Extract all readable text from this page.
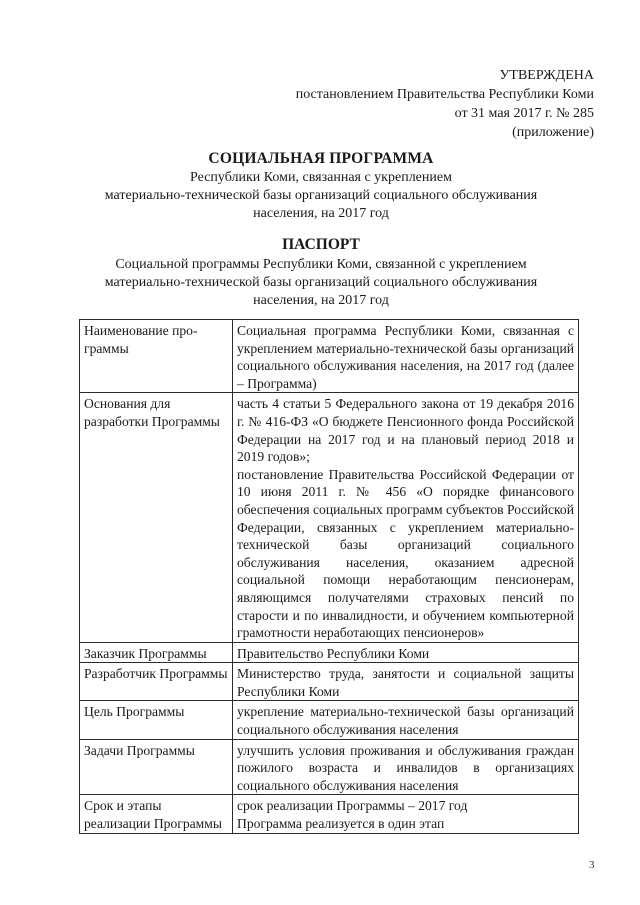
УТВЕРЖДЕНА
постановлением Правительства Республики Коми
от 31 мая 2017 г. № 285
(приложение)
СОЦИАЛЬНАЯ ПРОГРАММА
Республики Коми, связанная с укреплением
материально-технической базы организаций социального обслуживания
населения, на 2017 год
ПАСПОРТ
Социальной программы Республики Коми, связанной с укреплением
материально-технической базы организаций социального обслуживания
населения, на 2017 год
Наименование про-граммы	Социальная программа Республики Коми, связанная с укреплением материально-технической базы организаций социального обслуживания населения, на 2017 год (далее – Программа)
Основания для разработки Программы	часть 4 статьи 5 Федерального закона от 19 декабря 2016 г. № 416-ФЗ «О бюджете Пенсионного фонда Российской Федерации на 2017 год и на плановый период 2018 и 2019 годов»;
постановление Правительства Российской Федерации от 10 июня 2011 г. № 456 «О порядке финансового обеспечения социальных программ субъектов Российской Федерации, связанных с укреплением материально-технической базы организаций социального обслуживания населения, оказанием адресной социальной помощи неработающим пенсионерам, являющимся получателями страховых пенсий по старости и по инвалидности, и обучением компьютерной грамотности неработающих пенсионеров»

Заказчик Программы	Правительство Республики Коми
Разработчик Программы	Министерство труда, занятости и социальной защиты Республики Коми
Цель Программы	укрепление материально-технической базы организаций социального обслуживания населения
Задачи Программы	улучшить условия проживания и обслуживания граждан пожилого возраста и инвалидов в организациях социального обслуживания населения
Срок и этапы реализации Программы	срок реализации Программы – 2017 год
Программа реализуется в один этап
3
